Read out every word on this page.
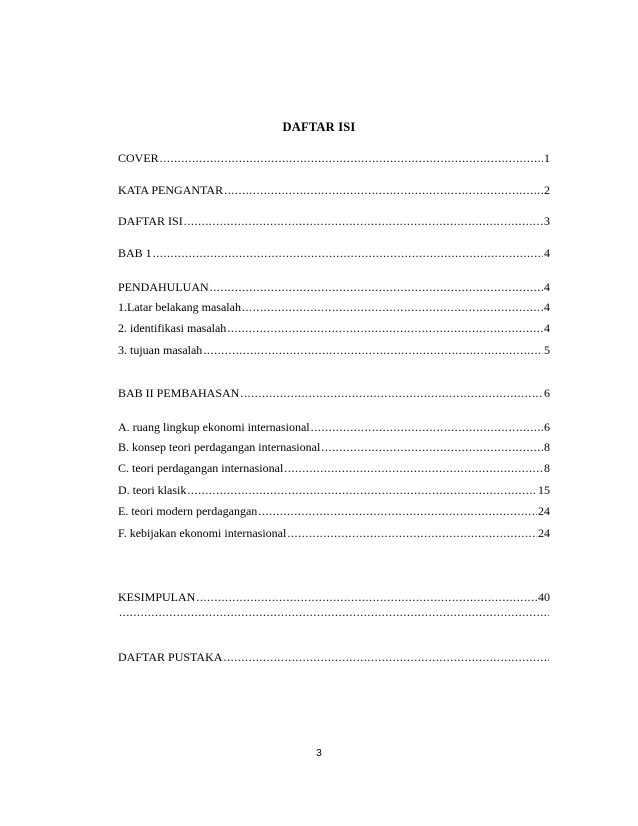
DAFTAR ISI
COVER .....	1
KATA PENGANTAR .....	2
DAFTAR ISI .....	3
BAB 1 .....	4
PENDAHULUAN .....	4
1.Latar belakang masalah .....	4
2. identifikasi masalah .....	4
3. tujuan masalah .....	5
BAB II PEMBAHASAN .....	6
A. ruang lingkup ekonomi internasional .....	6
B. konsep teori perdagangan internasional .....	8
C. teori perdagangan internasional .....	8
D. teori klasik .....	15
E. teori modern perdagangan .....	24
F. kebijakan ekonomi internasional .....	24
KESIMPULAN .....	40
.....
DAFTAR PUSTAKA
.....
3
